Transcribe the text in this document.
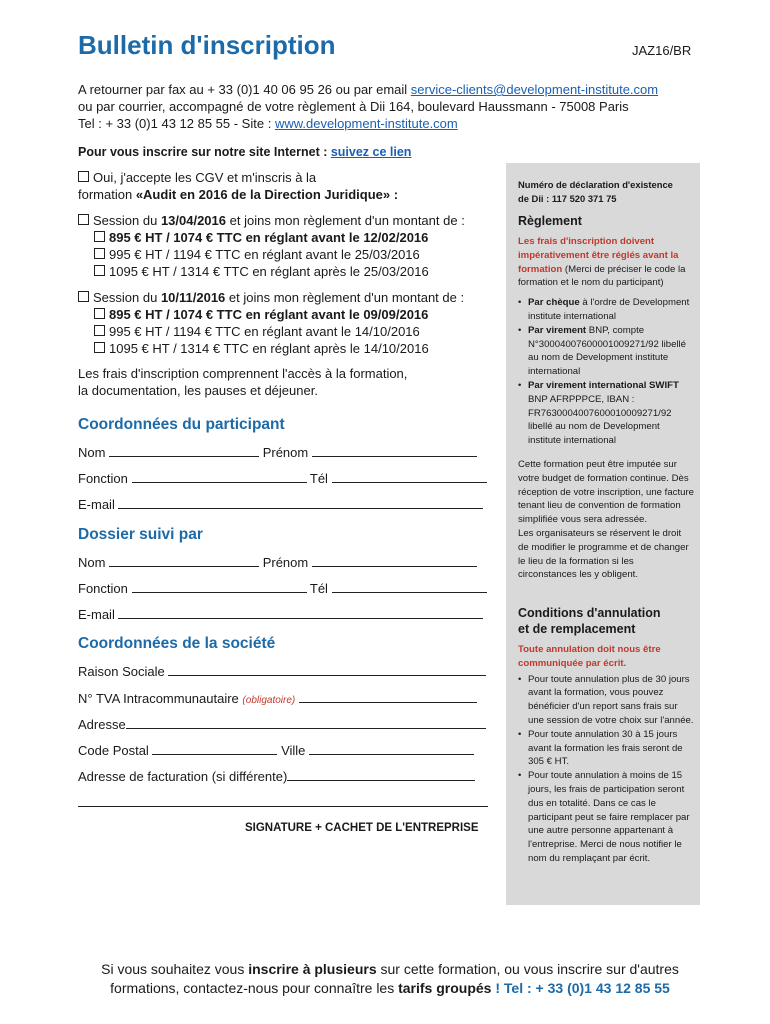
Bulletin d'inscription	JAZ16/BR
A retourner par fax au + 33 (0)1 40 06 95 26 ou par email service-clients@development-institute.com
ou par courrier, accompagné de votre règlement à Dii 164, boulevard Haussmann - 75008 Paris
Tel : + 33 (0)1 43 12 85 55 - Site : www.development-institute.com
Pour vous inscrire sur notre site Internet : suivez ce lien
Oui, j'accepte les CGV et m'inscris à la
formation «Audit en 2016 de la Direction Juridique» :
Session du 13/04/2016 et joins mon règlement d'un montant de :
895 € HT / 1074 € TTC en réglant avant le 12/02/2016
995 € HT / 1194 € TTC en réglant avant le 25/03/2016
1095 € HT / 1314 € TTC en réglant après le 25/03/2016
Session du 10/11/2016 et joins mon règlement d'un montant de :
895 € HT / 1074 € TTC en réglant avant le 09/09/2016
995 € HT / 1194 € TTC en réglant avant le 14/10/2016
1095 € HT / 1314 € TTC en réglant après le 14/10/2016
Les frais d'inscription comprennent l'accès à la formation,
la documentation, les pauses et déjeuner.
Coordonnées du participant
Nom	Prénom
Fonction	Tél
E-mail
Dossier suivi par
Nom	Prénom
Fonction	Tél
E-mail
Coordonnées de la société
Raison Sociale
N° TVA Intracommunautaire (obligatoire)
Adresse
Code Postal	Ville
Adresse de facturation (si différente)
SIGNATURE + CACHET DE L'ENTREPRISE
Numéro de déclaration d'existence
de Dii : 117 520 371 75
Règlement
Les frais d'inscription doivent impérativement être réglés avant la formation (Merci de préciser le code la formation et le nom du participant)
• Par chèque à l'ordre de Development institute international
• Par virement BNP, compte N°30004007600001009271/92 libellé au nom de Development institute international
• Par virement international SWIFT BNP AFRPPPCE, IBAN : FR7630004007600010009271/92 libellé au nom de Development institute international
Cette formation peut être imputée sur votre budget de formation continue. Dès réception de votre inscription, une facture tenant lieu de convention de formation simplifiée vous sera adressée.
Les organisateurs se réservent le droit de modifier le programme et de changer le lieu de la formation si les circonstances les y obligent.
Conditions d'annulation
et de remplacement
Toute annulation doit nous être communiquée par écrit.
• Pour toute annulation plus de 30 jours avant la formation, vous pouvez bénéficier d'un report sans frais sur une session de votre choix sur l'année.
• Pour toute annulation 30 à 15 jours avant la formation les frais seront de 305 € HT.
• Pour toute annulation à moins de 15 jours, les frais de participation seront dus en totalité. Dans ce cas le participant peut se faire remplacer par une autre personne appartenant à l'entreprise. Merci de nous notifier le nom du remplaçant par écrit.
Si vous souhaitez vous inscrire à plusieurs sur cette formation, ou vous inscrire sur d'autres formations, contactez-nous pour connaître les tarifs groupés ! Tel : + 33 (0)1 43 12 85 55
